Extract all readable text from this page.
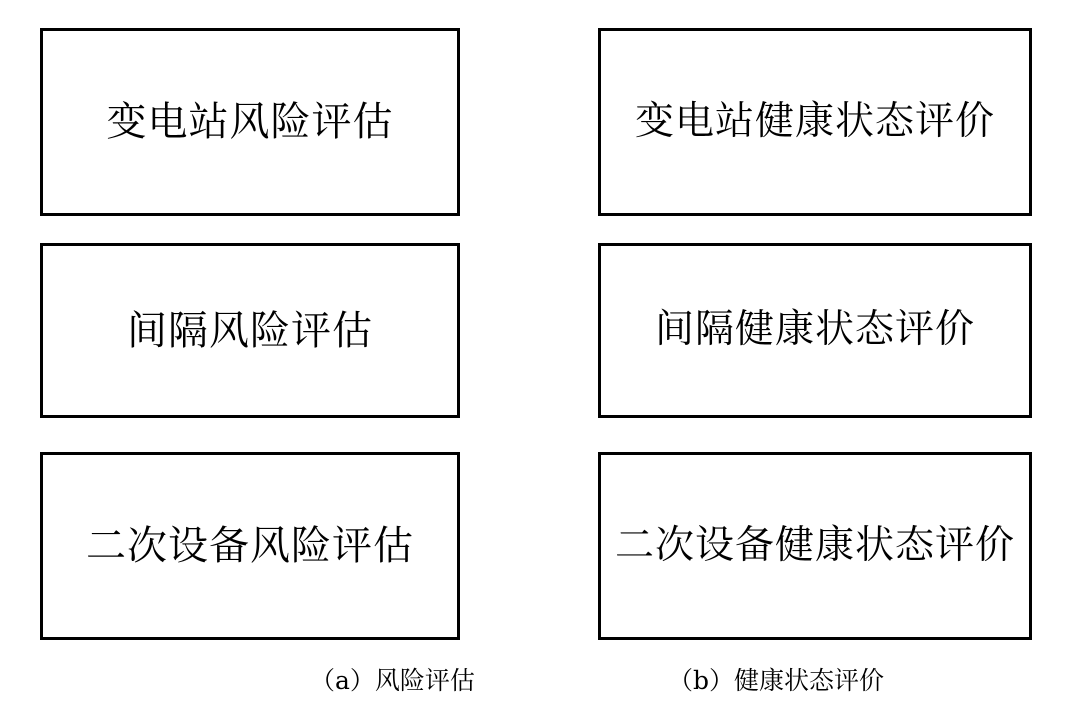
变电站风险评估
间隔风险评估
二次设备风险评估
变电站健康状态评价
间隔健康状态评价
二次设备健康状态评价
（a）风险评估	（b）健康状态评价
